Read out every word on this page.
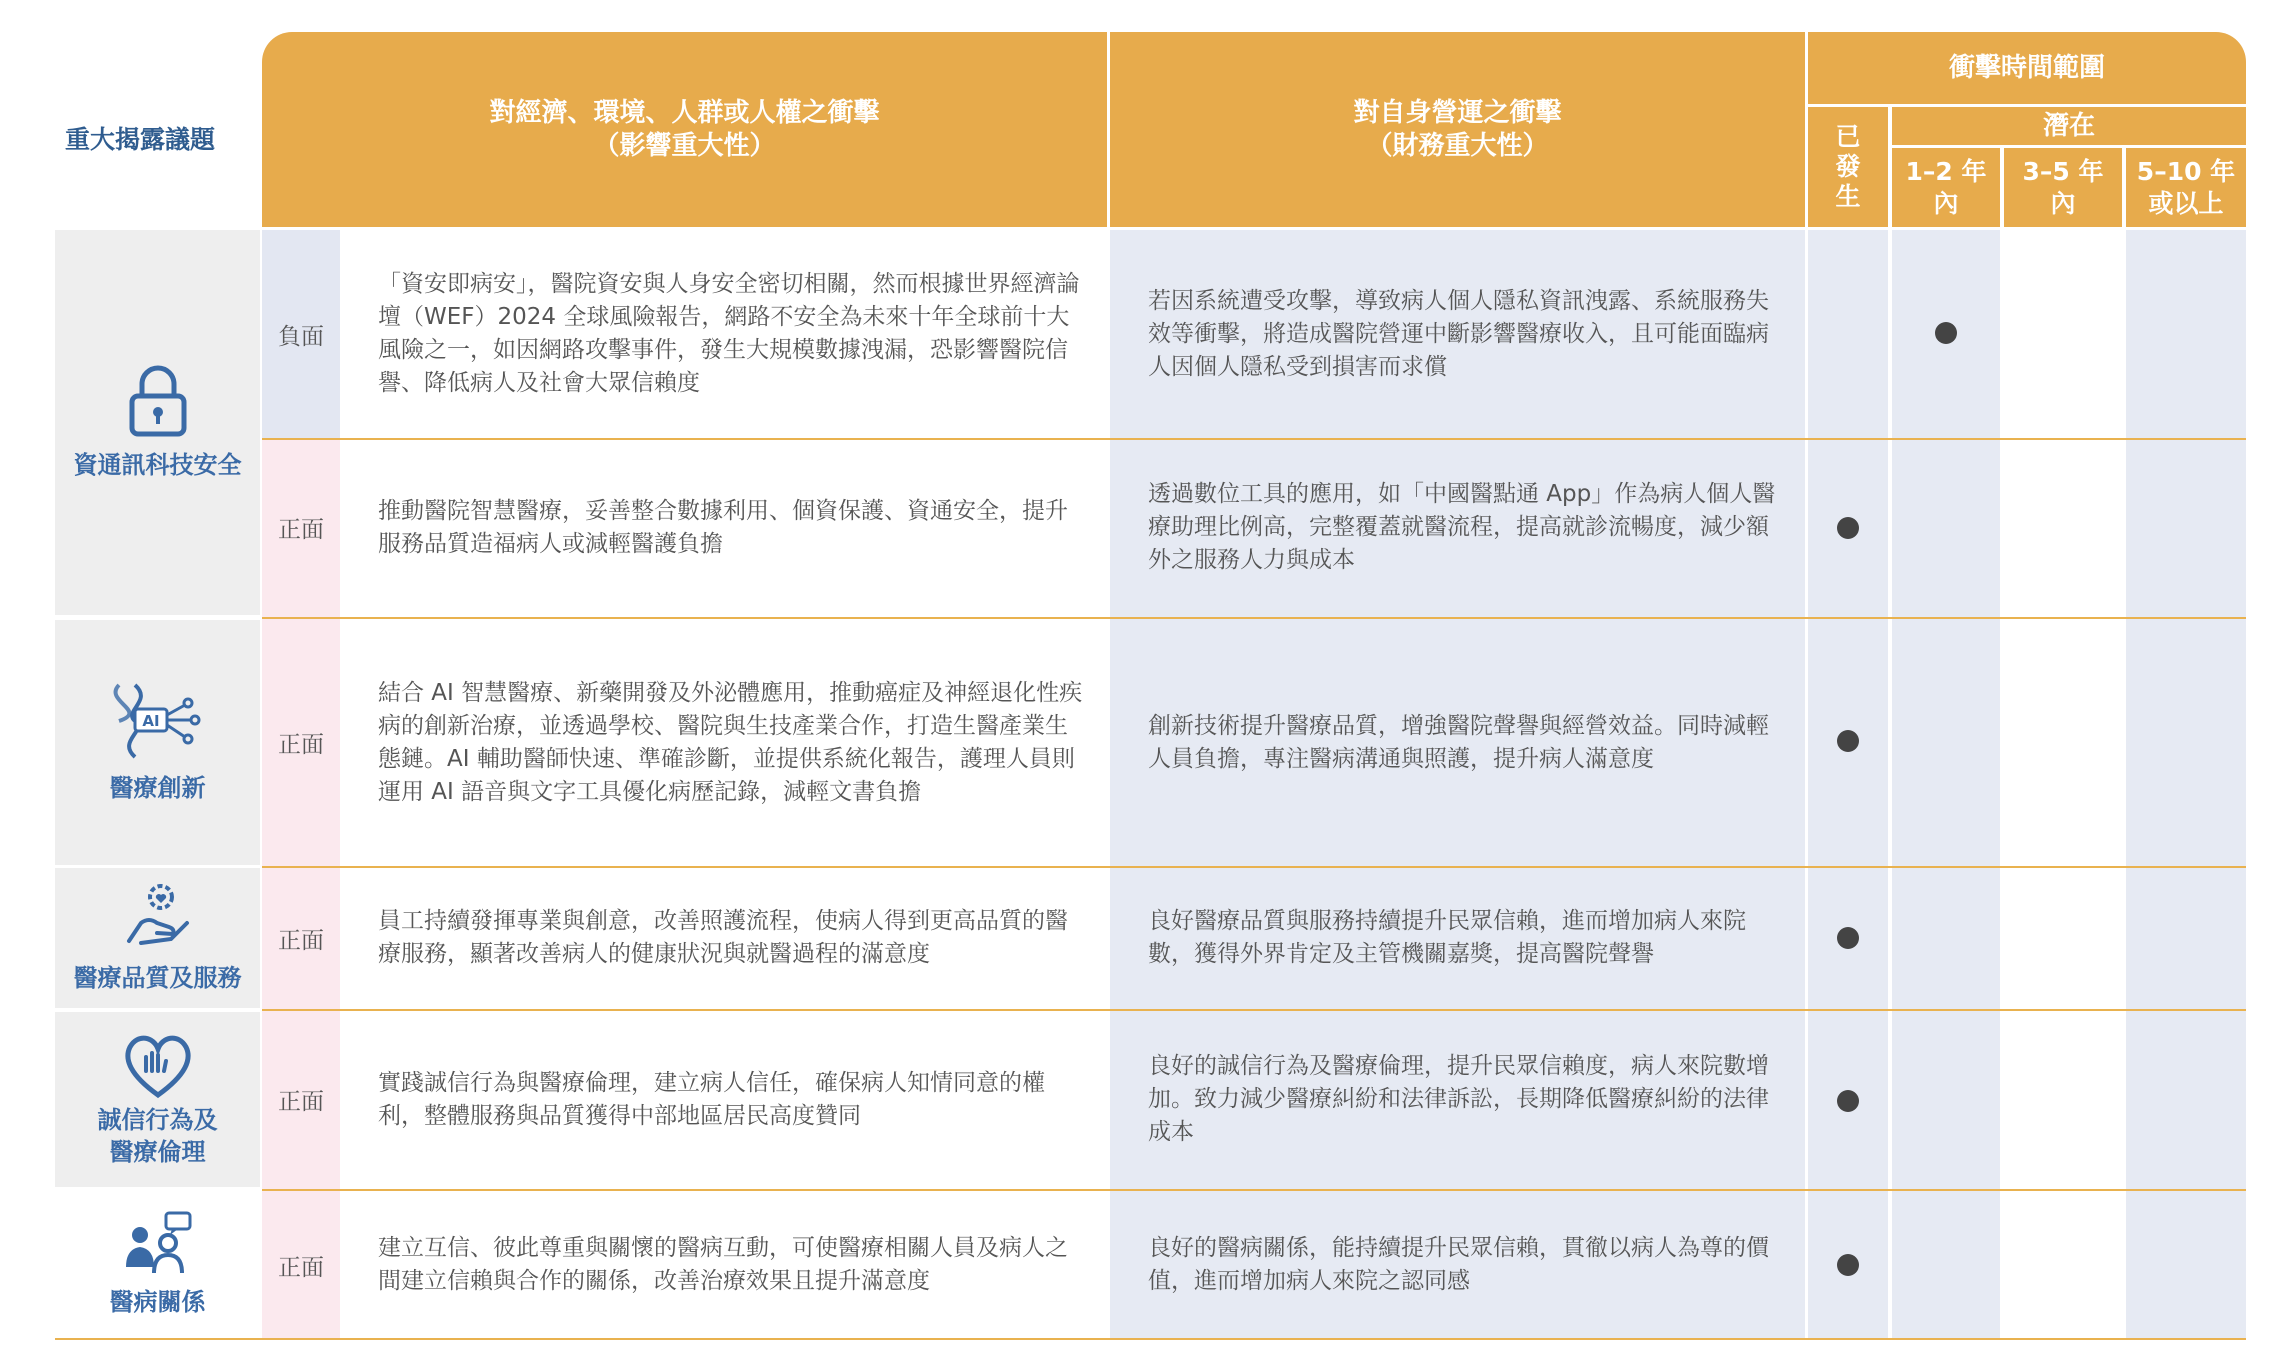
重大揭露議題
對經濟、環境、人群或人權之衝擊
（影響重大性）
對自身營運之衝擊
（財務重大性）
衝擊時間範圍
已
發
生
潛在
1–2 年
內
3–5 年
內
5–10 年
或以上
資通訊科技安全
AI
醫療創新
醫療品質及服務
誠信行為及
醫療倫理
醫病關係
負面
「資安即病安」，醫院資安與人身安全密切相關，然而根據世界經濟論壇（WEF）2024 全球風險報告，網路不安全為未來十年全球前十大風險之一，如因網路攻擊事件，發生大規模數據洩漏，恐影響醫院信譽、降低病人及社會大眾信賴度
若因系統遭受攻擊，導致病人個人隱私資訊洩露、系統服務失效等衝擊，將造成醫院營運中斷影響醫療收入，且可能面臨病人因個人隱私受到損害而求償
正面
推動醫院智慧醫療，妥善整合數據利用、個資保護、資通安全，提升服務品質造福病人或減輕醫護負擔
透過數位工具的應用，如「中國醫點通 App」作為病人個人醫療助理比例高，完整覆蓋就醫流程，提高就診流暢度，減少額外之服務人力與成本
正面
結合 AI 智慧醫療、新藥開發及外泌體應用，推動癌症及神經退化性疾病的創新治療，並透過學校、醫院與生技產業合作，打造生醫產業生態鏈。AI 輔助醫師快速、準確診斷，並提供系統化報告，護理人員則運用 AI 語音與文字工具優化病歷記錄，減輕文書負擔
創新技術提升醫療品質，增強醫院聲譽與經營效益。同時減輕人員負擔，專注醫病溝通與照護，提升病人滿意度
正面
員工持續發揮專業與創意，改善照護流程，使病人得到更高品質的醫療服務，顯著改善病人的健康狀況與就醫過程的滿意度
良好醫療品質與服務持續提升民眾信賴，進而增加病人來院數，獲得外界肯定及主管機關嘉獎，提高醫院聲譽
正面
實踐誠信行為與醫療倫理，建立病人信任，確保病人知情同意的權利，整體服務與品質獲得中部地區居民高度贊同
良好的誠信行為及醫療倫理，提升民眾信賴度，病人來院數增加。致力減少醫療糾紛和法律訴訟，長期降低醫療糾紛的法律成本
正面
建立互信、彼此尊重與關懷的醫病互動，可使醫療相關人員及病人之間建立信賴與合作的關係，改善治療效果且提升滿意度
良好的醫病關係，能持續提升民眾信賴，貫徹以病人為尊的價值，進而增加病人來院之認同感
